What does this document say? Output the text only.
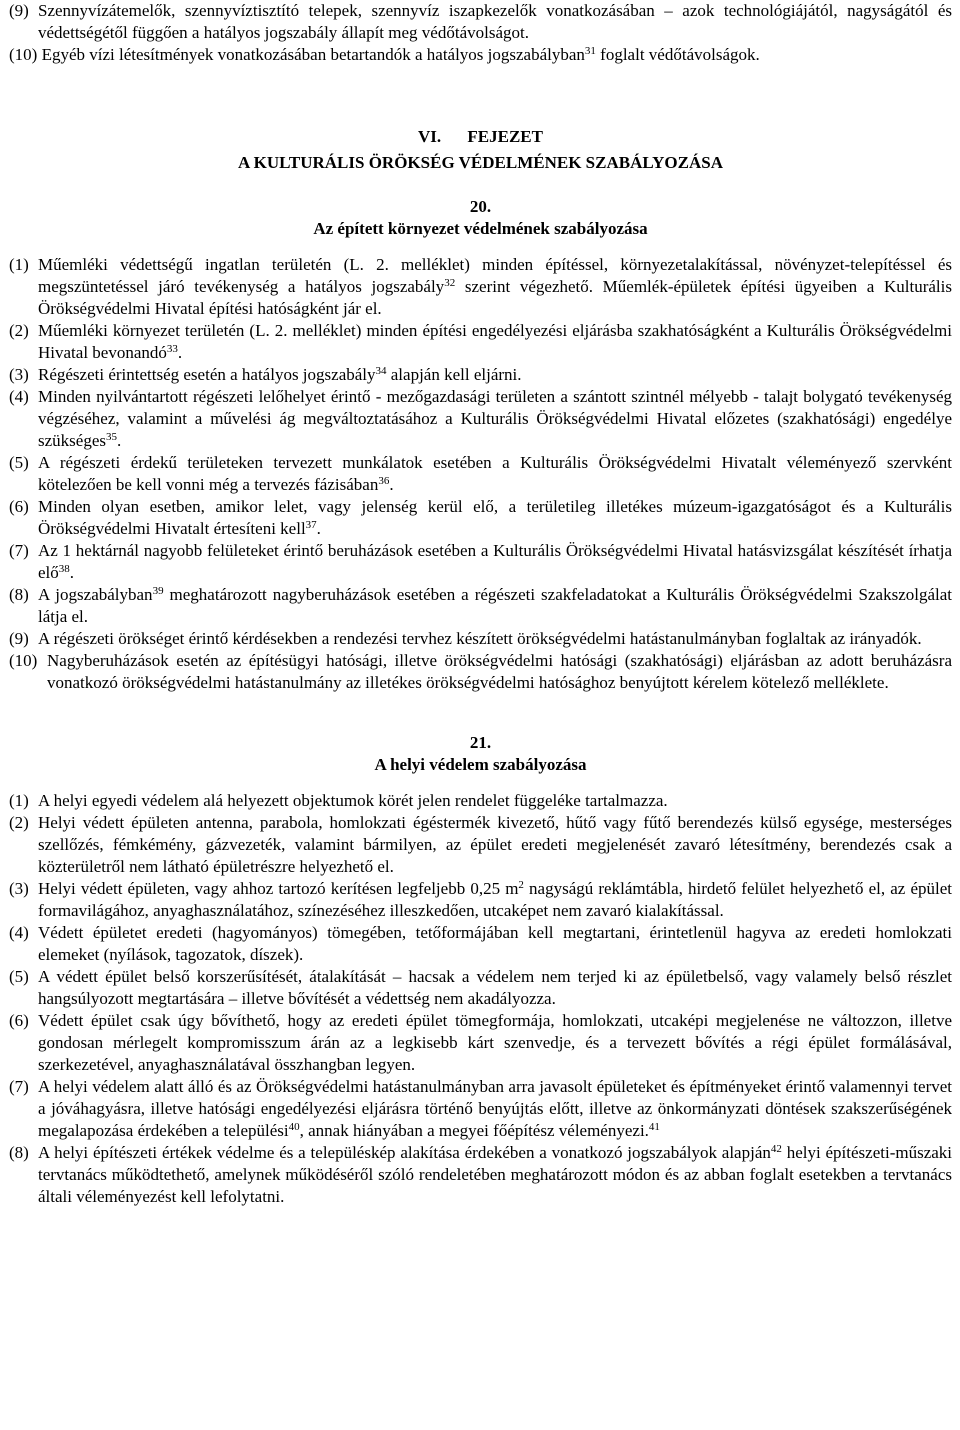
(9) Szennyvízátemelők, szennyvíztisztító telepek, szennyvíz iszapkezelők vonatkozásában – azok technológiájától, nagyságától és védettségétől függően a hatályos jogszabály állapít meg védőtávolságot.
(10) Egyéb vízi létesítmények vonatkozásában betartandók a hatályos jogszabályban$^{31}$ foglalt védőtávolságok.
VI. FEJEZET
A KULTURÁLIS ÖRÖKSÉG VÉDELMÉNEK SZABÁLYOZÁSA
20.
Az épített környezet védelmének szabályozása
(1) Műemléki védettségű ingatlan területén (L. 2. melléklet) minden építéssel, környezetalakítással, növényzet-telepítéssel és megszüntetéssel járó tevékenység a hatályos jogszabály$^{32}$ szerint végezhető. Műemlék-épületek építési ügyeiben a Kulturális Örökségvédelmi Hivatal építési hatóságként jár el.
(2) Műemléki környezet területén (L. 2. melléklet) minden építési engedélyezési eljárásba szakhatóságként a Kulturális Örökségvédelmi Hivatal bevonandó$^{33}$.
(3) Régészeti érintettség esetén a hatályos jogszabály$^{34}$ alapján kell eljárni.
(4) Minden nyilvántartott régészeti lelőhelyet érintő - mezőgazdasági területen a szántott szintnél mélyebb - talajt bolygató tevékenység végzéséhez, valamint a művelési ág megváltoztatásához a Kulturális Örökségvédelmi Hivatal előzetes (szakhatósági) engedélye szükséges$^{35}$.
(5) A régészeti érdekű területeken tervezett munkálatok esetében a Kulturális Örökségvédelmi Hivatalt véleményező szervként kötelezően be kell vonni még a tervezés fázisában$^{36}$.
(6) Minden olyan esetben, amikor lelet, vagy jelenség kerül elő, a területileg illetékes múzeum-igazgatóságot és a Kulturális Örökségvédelmi Hivatalt értesíteni kell$^{37}$.
(7) Az 1 hektárnál nagyobb felületeket érintő beruházások esetében a Kulturális Örökségvédelmi Hivatal hatásvizsgálat készítését írhatja elő$^{38}$.
(8) A jogszabályban$^{39}$ meghatározott nagyberuházások esetében a régészeti szakfeladatokat a Kulturális Örökségvédelmi Szakszolgálat látja el.
(9) A régészeti örökséget érintő kérdésekben a rendezési tervhez készített örökségvédelmi hatástanulmányban foglaltak az irányadók.
(10) Nagyberuházások esetén az építésügyi hatósági, illetve örökségvédelmi hatósági (szakhatósági) eljárásban az adott beruházásra vonatkozó örökségvédelmi hatástanulmány az illetékes örökségvédelmi hatósághoz benyújtott kérelem kötelező melléklete.
21.
A helyi védelem szabályozása
(1) A helyi egyedi védelem alá helyezett objektumok körét jelen rendelet függeléke tartalmazza.
(2) Helyi védett épületen antenna, parabola, homlokzati égéstermék kivezető, hűtő vagy fűtő berendezés külső egysége, mesterséges szellőzés, fémkémény, gázvezeték, valamint bármilyen, az épület eredeti megjelenését zavaró létesítmény, berendezés csak a közterületről nem látható épületrészre helyezhető el.
(3) Helyi védett épületen, vagy ahhoz tartozó kerítésen legfeljebb 0,25 $m^2$ nagyságú reklámtábla, hirdető felület helyezhető el, az épület formavilágához, anyaghasználatához, színezéséhez illeszkedően, utcaképet nem zavaró kialakítással.
(4) Védett épületet eredeti (hagyományos) tömegében, tetőformájában kell megtartani, érintetlenül hagyva az eredeti homlokzati elemeket (nyílások, tagozatok, díszek).
(5) A védett épület belső korszerűsítését, átalakítását – hacsak a védelem nem terjed ki az épületbelső, vagy valamely belső részlet hangsúlyozott megtartására – illetve bővítését a védettség nem akadályozza.
(6) Védett épület csak úgy bővíthető, hogy az eredeti épület tömegformája, homlokzati, utcaképi megjelenése ne változzon, illetve gondosan mérlegelt kompromisszum árán az a legkisebb kárt szenvedje, és a tervezett bővítés a régi épület formálásával, szerkezetével, anyaghasználatával összhangban legyen.
(7) A helyi védelem alatt álló és az Örökségvédelmi hatástanulmányban arra javasolt épületeket és építményeket érintő valamennyi tervet a jóváhagyásra, illetve hatósági engedélyezési eljárásra történő benyújtás előtt, illetve az önkormányzati döntések szakszerűségének megalapozása érdekében a települési$^{40}$, annak hiányában a megyei főépítész véleményezi.$^{41}$
(8) A helyi építészeti értékek védelme és a településkép alakítása érdekében a vonatkozó jogszabályok alapján$^{42}$ helyi építészeti-műszaki tervtanács működtethető, amelynek működéséről szóló rendeletében meghatározott módon és az abban foglalt esetekben a tervtanács általi véleményezést kell lefolytatni.
